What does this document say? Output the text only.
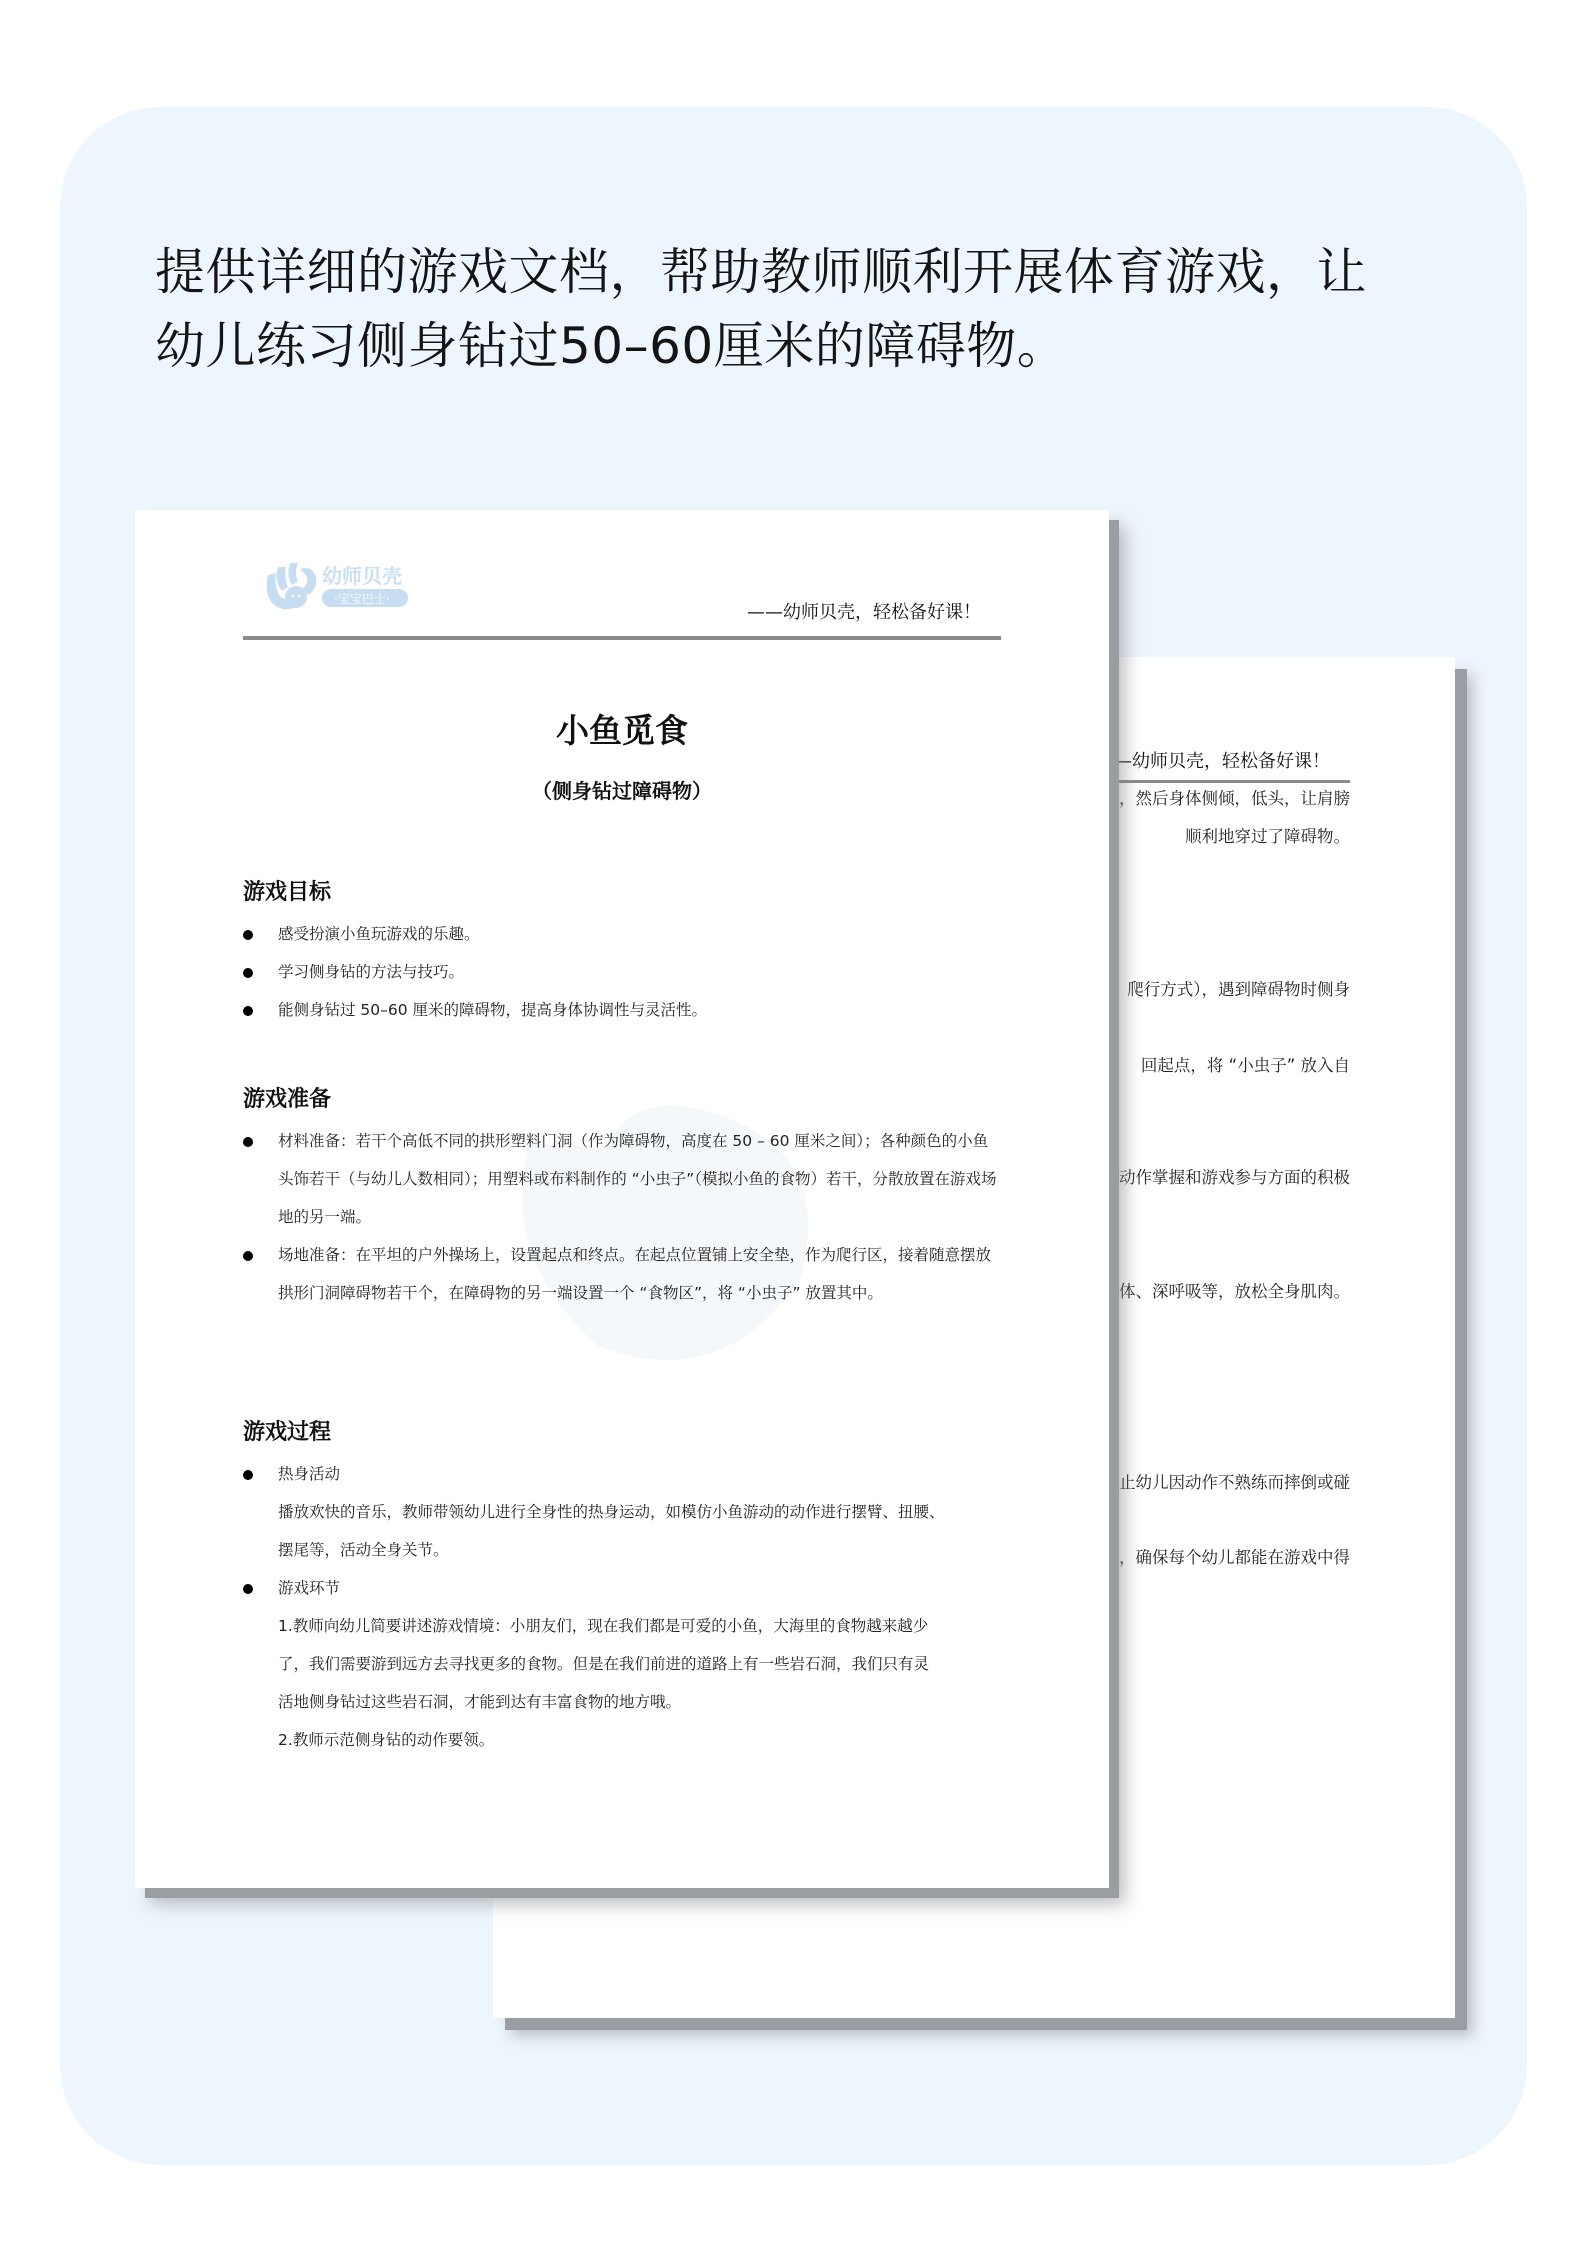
提供详细的游戏文档，帮助教师顺利开展体育游戏，让
幼儿练习侧身钻过50–60厘米的障碍物。
—幼师贝壳，轻松备好课！
，然后身体侧倾，低头，让肩膀
顺利地穿过了障碍物。
爬行方式），遇到障碍物时侧身
回起点，将 “小虫子” 放入自
动作掌握和游戏参与方面的积极
体、深呼吸等，放松全身肌肉。
止幼儿因动作不熟练而摔倒或碰
，确保每个幼儿都能在游戏中得
幼师贝壳
·宝宝巴士·
——幼师贝壳，轻松备好课！
小鱼觅食
（侧身钻过障碍物）
游戏目标
感受扮演小鱼玩游戏的乐趣。
学习侧身钻的方法与技巧。
能侧身钻过 50–60 厘米的障碍物，提高身体协调性与灵活性。
游戏准备
材料准备：若干个高低不同的拱形塑料门洞（作为障碍物，高度在 50 – 60 厘米之间）；各种颜色的小鱼头饰若干（与幼儿人数相同）；用塑料或布料制作的 “小虫子”（模拟小鱼的食物）若干，分散放置在游戏场地的另一端。
场地准备：在平坦的户外操场上，设置起点和终点。在起点位置铺上安全垫，作为爬行区，接着随意摆放拱形门洞障碍物若干个，在障碍物的另一端设置一个 “食物区”，将 “小虫子” 放置其中。
游戏过程
热身活动
播放欢快的音乐，教师带领幼儿进行全身性的热身运动，如模仿小鱼游动的动作进行摆臂、扭腰、
摆尾等，活动全身关节。
游戏环节
1.教师向幼儿简要讲述游戏情境：小朋友们，现在我们都是可爱的小鱼，大海里的食物越来越少
了，我们需要游到远方去寻找更多的食物。但是在我们前进的道路上有一些岩石洞，我们只有灵
活地侧身钻过这些岩石洞，才能到达有丰富食物的地方哦。
2.教师示范侧身钻的动作要领。
